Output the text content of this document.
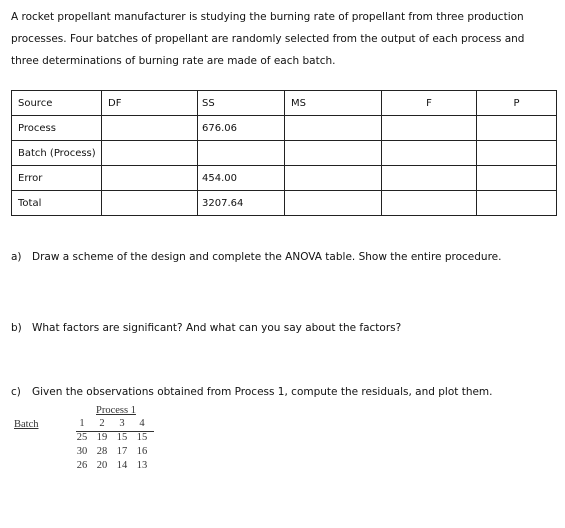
A rocket propellant manufacturer is studying the burning rate of propellant from three production processes. Four batches of propellant are randomly selected from the output of each process and three determinations of burning rate are made of each batch.

Source	DF	SS	MS	F	P
Process		676.06			
Batch (Process)					
Error		454.00			
Total		3207.64			

a) Draw a scheme of the design and complete the ANOVA table. Show the entire procedure.

b) What factors are significant? And what can you say about the factors?

c) Given the observations obtained from Process 1, compute the residuals, and plot them.

Process 1
Batch	1	2	3	4
25 19 15 15
30 28 17 16
26 20 14 13
